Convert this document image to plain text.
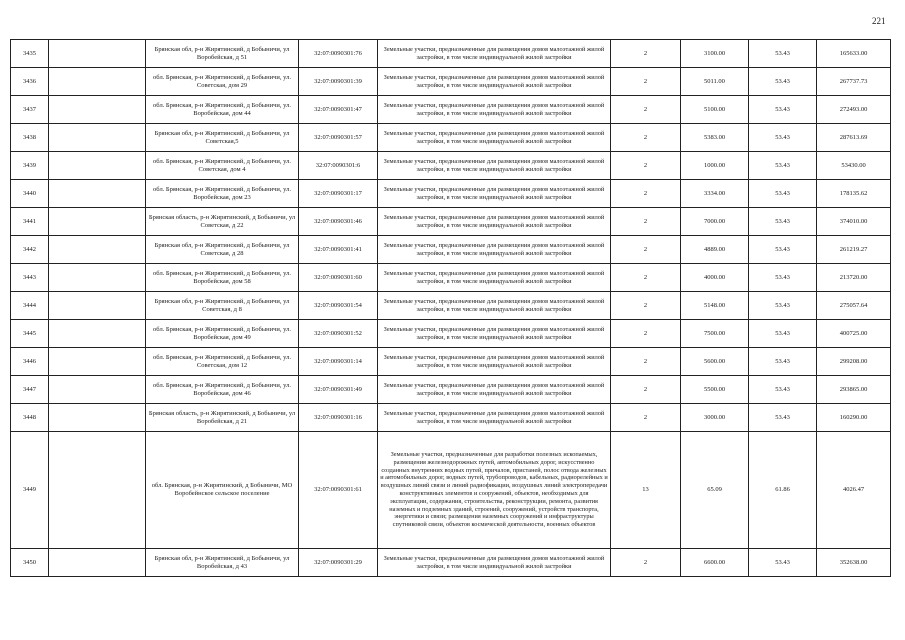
221
3435		Брянская обл, р-н Жирятинский, д Бобыничи, ул Воробейская, д 51	32:07:0090301:76	Земельные участки, предназначенные для размещения домов малоэтажной жилой застройки, в том числе индивидуальной жилой застройки	2	3100.00	53.43	165633.00
3436		обл. Брянская, р-н Жирятинский, д Бобыничи, ул. Советская, дом 29	32:07:0090301:39	Земельные участки, предназначенные для размещения домов малоэтажной жилой застройки, в том числе индивидуальной жилой застройки	2	5011.00	53.43	267737.73
3437		обл. Брянская, р-н Жирятинский, д Бобыничи, ул. Воробейская, дом 44	32:07:0090301:47	Земельные участки, предназначенные для размещения домов малоэтажной жилой застройки, в том числе индивидуальной жилой застройки	2	5100.00	53.43	272493.00
3438		Брянская обл, р-н Жирятинский, д Бобыничи, ул Советская,5	32:07:0090301:57	Земельные участки, предназначенные для размещения домов малоэтажной жилой застройки, в том числе индивидуальной жилой застройки	2	5383.00	53.43	287613.69
3439		обл. Брянская, р-н Жирятинский, д Бобыничи, ул. Советская, дом 4	32:07:0090301:6	Земельные участки, предназначенные для размещения домов малоэтажной жилой застройки, в том числе индивидуальной жилой застройки	2	1000.00	53.43	53430.00
3440		обл. Брянская, р-н Жирятинский, д Бобыничи, ул. Воробейская, дом 23	32:07:0090301:17	Земельные участки, предназначенные для размещения домов малоэтажной жилой застройки, в том числе индивидуальной жилой застройки	2	3334.00	53.43	178135.62
3441		Брянская область, р-н Жирятинский, д Бобыничи, ул Советская, д 22	32:07:0090301:46	Земельные участки, предназначенные для размещения домов малоэтажной жилой застройки, в том числе индивидуальной жилой застройки	2	7000.00	53.43	374010.00
3442		Брянская обл, р-н Жирятинский, д Бобыничи, ул Советская, д 28	32:07:0090301:41	Земельные участки, предназначенные для размещения домов малоэтажной жилой застройки, в том числе индивидуальной жилой застройки	2	4889.00	53.43	261219.27
3443		обл. Брянская, р-н Жирятинский, д Бобыничи, ул. Воробейская, дом 58	32:07:0090301:60	Земельные участки, предназначенные для размещения домов малоэтажной жилой застройки, в том числе индивидуальной жилой застройки	2	4000.00	53.43	213720.00
3444		Брянская обл, р-н Жирятинский, д Бобыничи, ул Советская, д 8	32:07:0090301:54	Земельные участки, предназначенные для размещения домов малоэтажной жилой застройки, в том числе индивидуальной жилой застройки	2	5148.00	53.43	275057.64
3445		обл. Брянская, р-н Жирятинский, д Бобыничи, ул. Воробейская, дом 49	32:07:0090301:52	Земельные участки, предназначенные для размещения домов малоэтажной жилой застройки, в том числе индивидуальной жилой застройки	2	7500.00	53.43	400725.00
3446		обл. Брянская, р-н Жирятинский, д Бобыничи, ул. Советская, дом 12	32:07:0090301:14	Земельные участки, предназначенные для размещения домов малоэтажной жилой застройки, в том числе индивидуальной жилой застройки	2	5600.00	53.43	299208.00
3447		обл. Брянская, р-н Жирятинский, д Бобыничи, ул. Воробейская, дом 46	32:07:0090301:49	Земельные участки, предназначенные для размещения домов малоэтажной жилой застройки, в том числе индивидуальной жилой застройки	2	5500.00	53.43	293865.00
3448		Брянская область, р-н Жирятинский, д Бобыничи, ул Воробейская, д 21	32:07:0090301:16	Земельные участки, предназначенные для размещения домов малоэтажной жилой застройки, в том числе индивидуальной жилой застройки	2	3000.00	53.43	160290.00
3449		обл. Брянская, р-н Жирятинский, д Бобыничи, МО Воробейнское сельское поселение	32:07:0090301:61	Земельные участки, предназначенные для разработки полезных ископаемых, размещения железнодорожных путей, автомобильных дорог, искусственно созданных внутренних водных путей, причалов, пристаней, полос отвода железных и автомобильных дорог, водных путей, трубопроводов, кабельных, радиорелейных и воздушных линий связи и линий радиофикации, воздушных линий электропередачи конструктивных элементов и сооружений, объектов, необходимых для эксплуатации, содержания, строительства, реконструкции, ремонта, развития наземных и подземных зданий, строений, сооружений, устройств транспорта, энергетики и связи; размещения наземных сооружений и инфраструктуры спутниковой связи, объектов космической деятельности, военных объектов	13	65.09	61.86	4026.47
3450		Брянская обл, р-н Жирятинский, д Бобыничи, ул Воробейская, д 43	32:07:0090301:29	Земельные участки, предназначенные для размещения домов малоэтажной жилой застройки, в том числе индивидуальной жилой застройки	2	6600.00	53.43	352638.00
